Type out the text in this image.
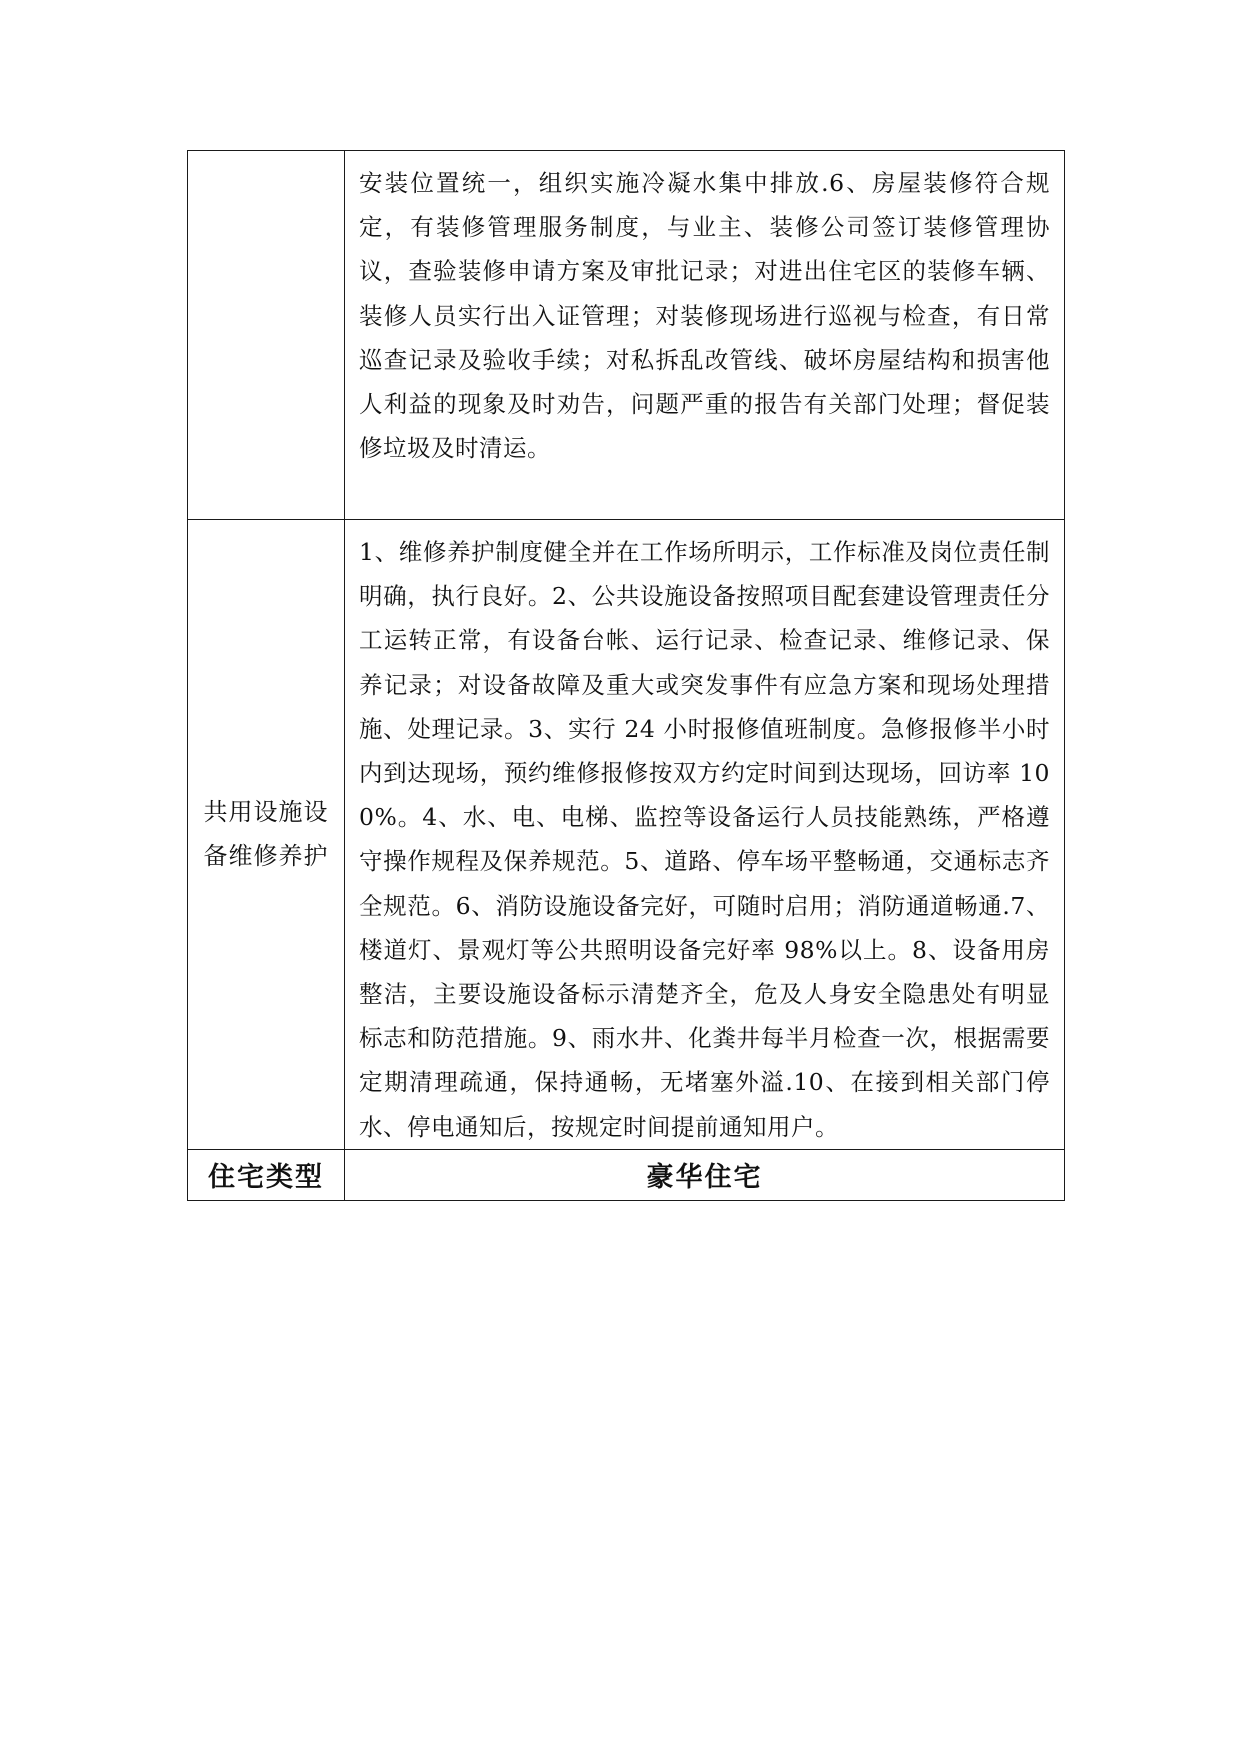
	安装位置统一，组织实施冷凝水集中排放.6、房屋装修符合规定，有装修管理服务制度，与业主、装修公司签订装修管理协议，查验装修申请方案及审批记录；对进出住宅区的装修车辆、装修人员实行出入证管理；对装修现场进行巡视与检查，有日常巡查记录及验收手续；对私拆乱改管线、破坏房屋结构和损害他人利益的现象及时劝告，问题严重的报告有关部门处理；督促装修垃圾及时清运。

共用设施设备维修养护	1、维修养护制度健全并在工作场所明示，工作标准及岗位责任制明确，执行良好。2、公共设施设备按照项目配套建设管理责任分工运转正常，有设备台帐、运行记录、检查记录、维修记录、保养记录；对设备故障及重大或突发事件有应急方案和现场处理措施、处理记录。3、实行 24 小时报修值班制度。急修报修半小时内到达现场，预约维修报修按双方约定时间到达现场，回访率 100%。4、水、电、电梯、监控等设备运行人员技能熟练，严格遵守操作规程及保养规范。5、道路、停车场平整畅通，交通标志齐全规范。6、消防设施设备完好，可随时启用；消防通道畅通.7、楼道灯、景观灯等公共照明设备完好率 98%以上。8、设备用房整洁，主要设施设备标示清楚齐全，危及人身安全隐患处有明显标志和防范措施。9、雨水井、化粪井每半月检查一次，根据需要定期清理疏通，保持通畅，无堵塞外溢.10、在接到相关部门停水、停电通知后，按规定时间提前通知用户。

住宅类型	豪华住宅
